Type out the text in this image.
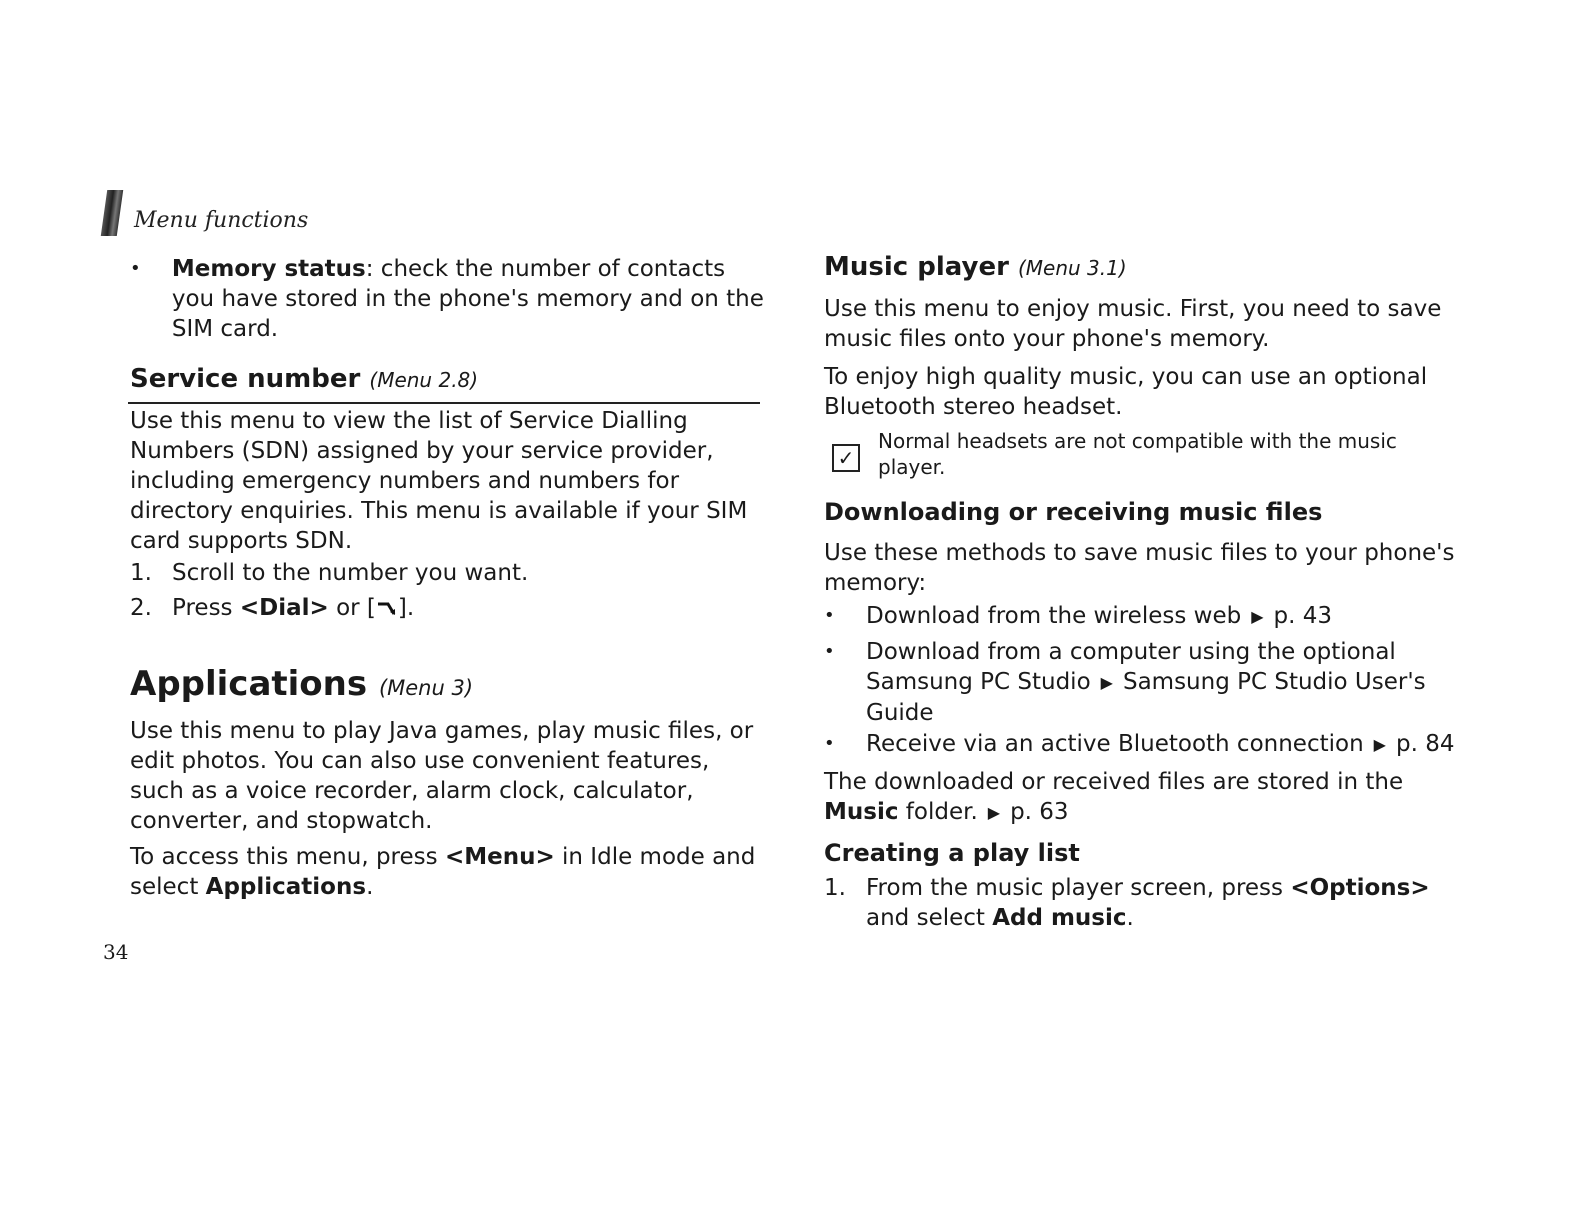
Menu functions
•	Memory status: check the number of contacts
you have stored in the phone's memory and on the
SIM card.
Service number (Menu 2.8)
Use this menu to view the list of Service Dialling
Numbers (SDN) assigned by your service provider,
including emergency numbers and numbers for
directory enquiries. This menu is available if your SIM
card supports SDN.
1. Scroll to the number you want.
2. Press <Dial> or [ ].
Applications (Menu 3)
Use this menu to play Java games, play music files, or
edit photos. You can also use convenient features,
such as a voice recorder, alarm clock, calculator,
converter, and stopwatch.
To access this menu, press <Menu> in Idle mode and
select Applications.
34
Music player (Menu 3.1)
Use this menu to enjoy music. First, you need to save
music files onto your phone's memory.
To enjoy high quality music, you can use an optional
Bluetooth stereo headset.
✓
Normal headsets are not compatible with the music
player.
Downloading or receiving music files
Use these methods to save music files to your phone's
memory:
•	Download from the wireless web ▶ p. 43
•	Download from a computer using the optional
Samsung PC Studio ▶ Samsung PC Studio User's
Guide
•	Receive via an active Bluetooth connection ▶ p. 84
The downloaded or received files are stored in the
Music folder. ▶ p. 63
Creating a play list
1. From the music player screen, press <Options>
and select Add music.
